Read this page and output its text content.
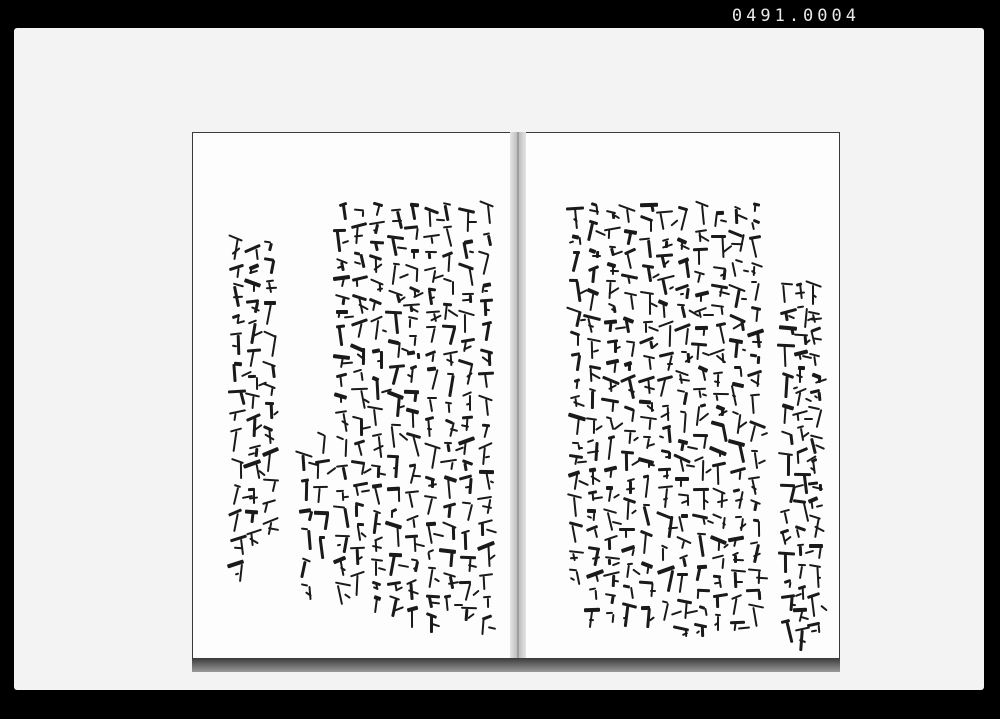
0491.0004
